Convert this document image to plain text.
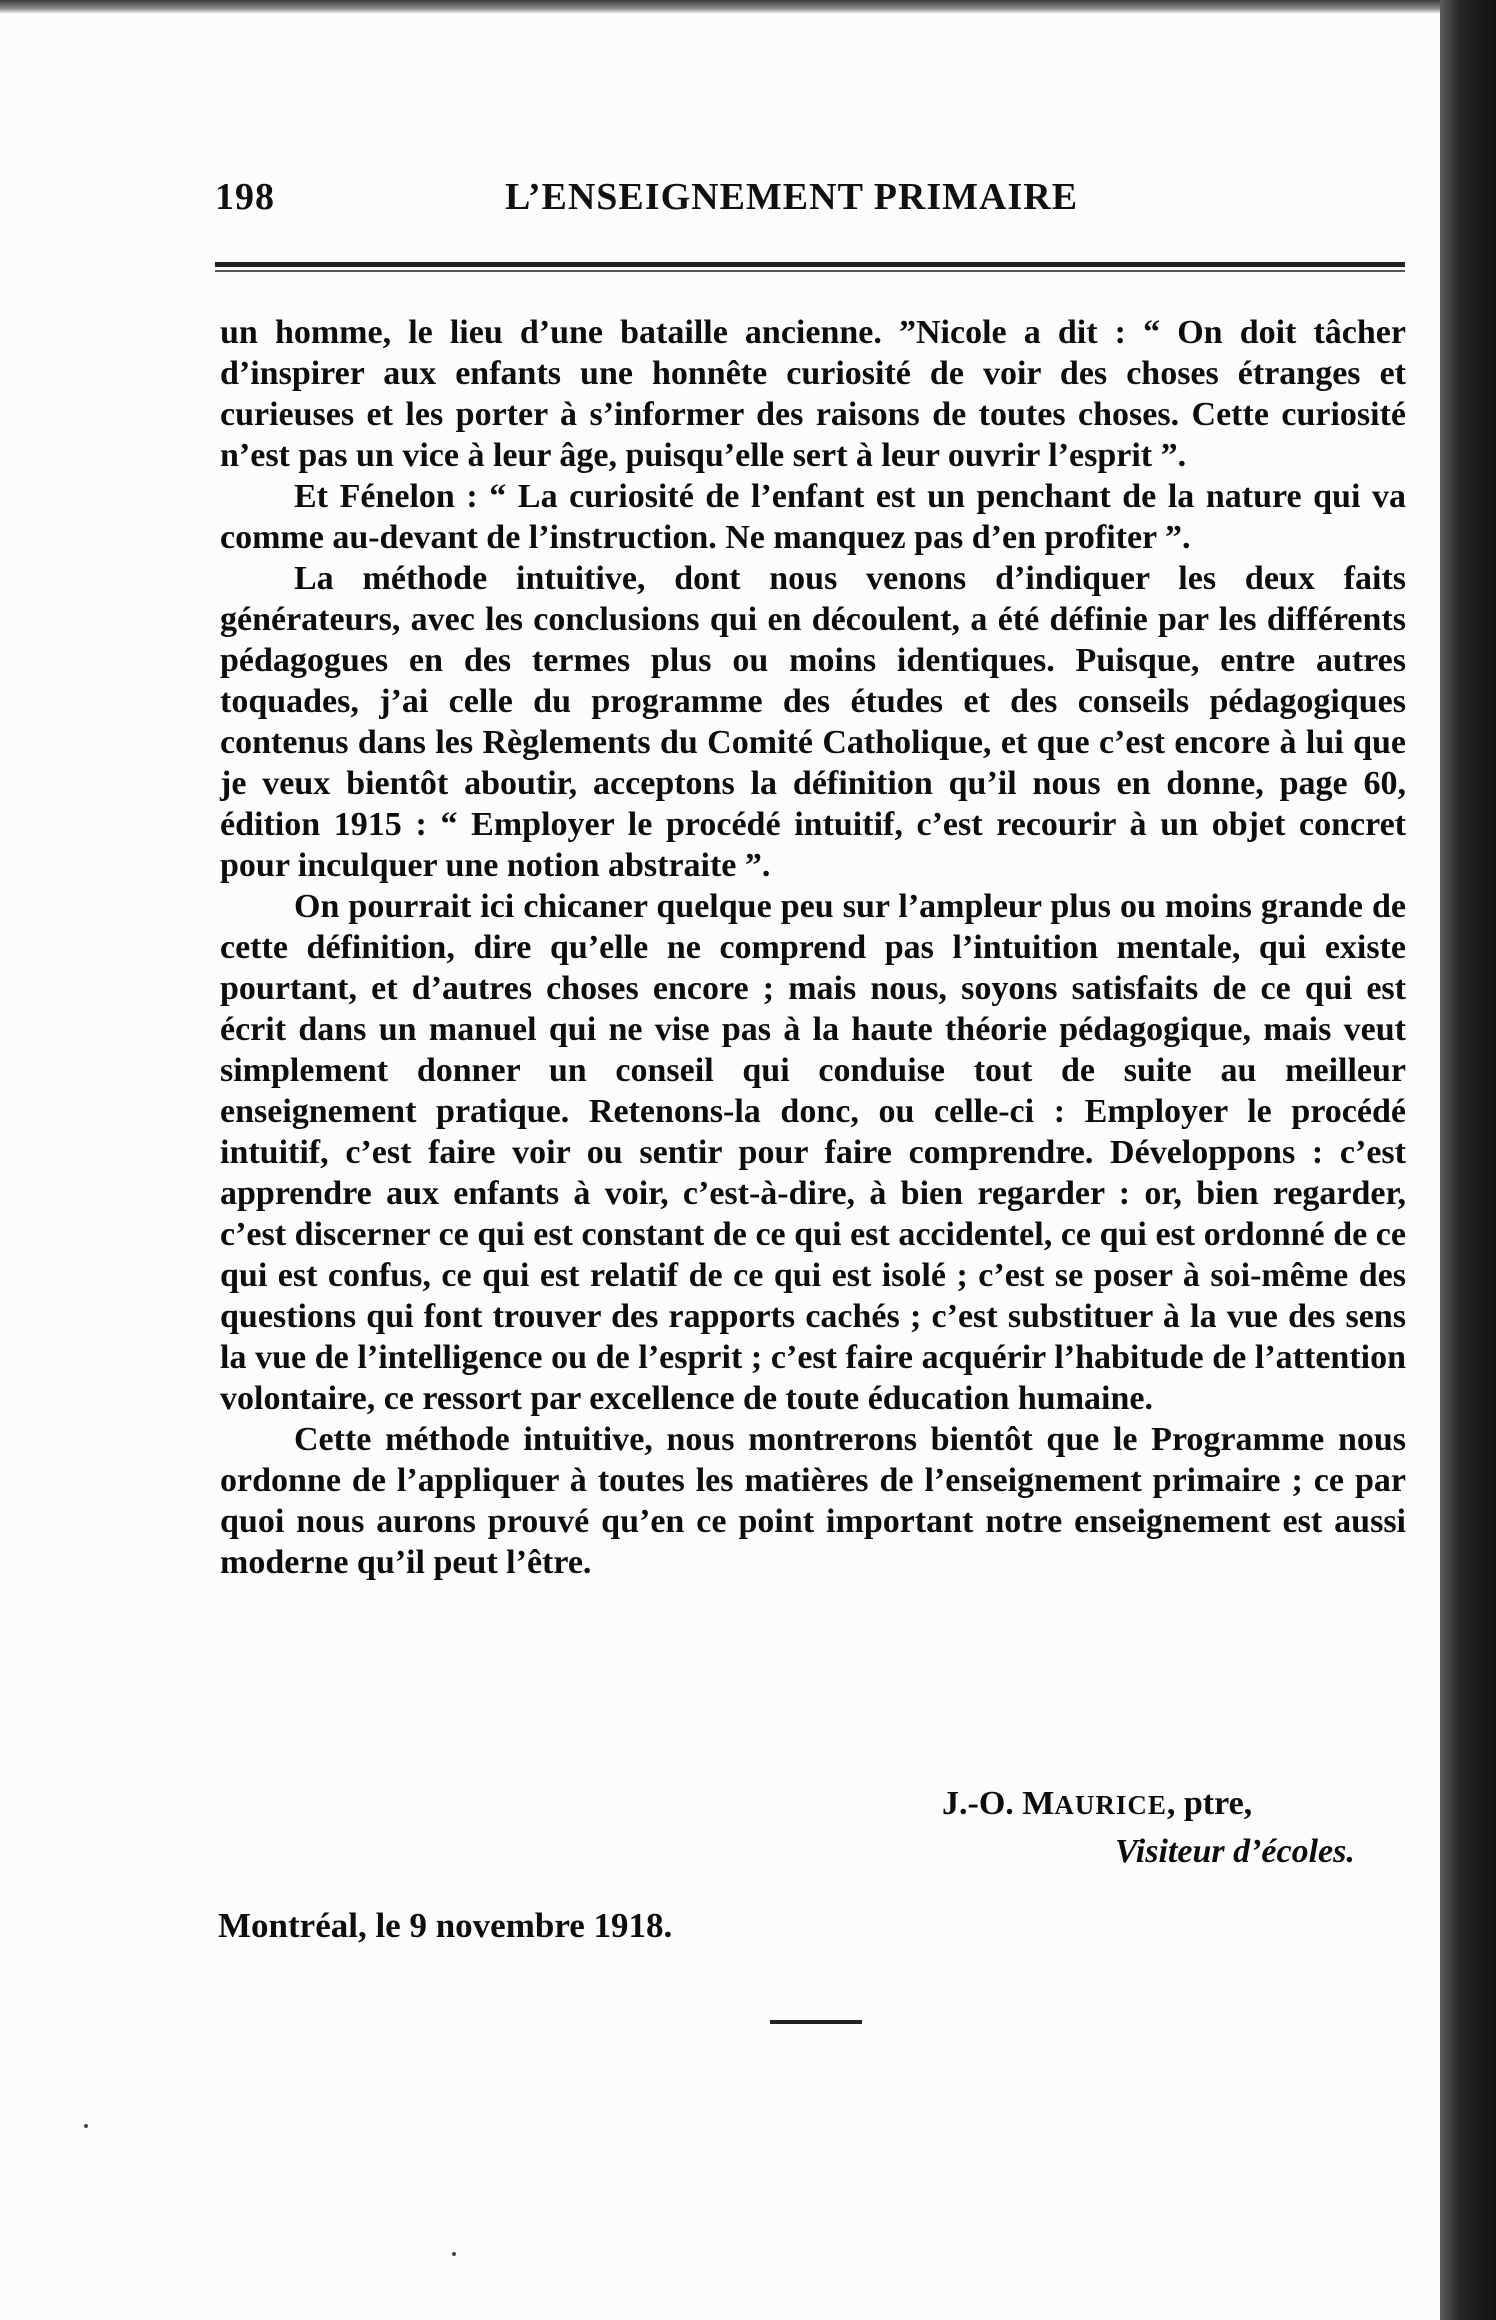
198	L’ENSEIGNEMENT PRIMAIRE

un homme, le lieu d’une bataille ancienne. ”Nicole a dit : “ On doit tâcher d’inspirer aux enfants une honnête curiosité de voir des choses étranges et curieuses et les porter à s’informer des raisons de toutes choses. Cette curiosité n’est pas un vice à leur âge, puisqu’elle sert à leur ouvrir l’esprit ”.

Et Fénelon : “ La curiosité de l’enfant est un penchant de la nature qui va comme au-devant de l’instruction. Ne manquez pas d’en profiter ”.

La méthode intuitive, dont nous venons d’indiquer les deux faits générateurs, avec les conclusions qui en découlent, a été définie par les différents pédagogues en des termes plus ou moins identiques. Puisque, entre autres toquades, j’ai celle du programme des études et des conseils pédagogiques contenus dans les Règlements du Comité Catholique, et que c’est encore à lui que je veux bientôt aboutir, acceptons la définition qu’il nous en donne, page 60, édition 1915 : “ Employer le procédé intuitif, c’est recourir à un objet concret pour inculquer une notion abstraite ”.

On pourrait ici chicaner quelque peu sur l’ampleur plus ou moins grande de cette définition, dire qu’elle ne comprend pas l’intuition mentale, qui existe pourtant, et d’autres choses encore ; mais nous, soyons satisfaits de ce qui est écrit dans un manuel qui ne vise pas à la haute théorie pédagogique, mais veut simplement donner un conseil qui conduise tout de suite au meilleur enseignement pratique. Retenons-la donc, ou celle-ci : Employer le procédé intuitif, c’est faire voir ou sentir pour faire comprendre. Développons : c’est apprendre aux enfants à voir, c’est-à-dire, à bien regarder : or, bien regarder, c’est discerner ce qui est constant de ce qui est accidentel, ce qui est ordonné de ce qui est confus, ce qui est relatif de ce qui est isolé ; c’est se poser à soi-même des questions qui font trouver des rapports cachés ; c’est substituer à la vue des sens la vue de l’intelligence ou de l’esprit ; c’est faire acquérir l’habitude de l’attention volontaire, ce ressort par excellence de toute éducation humaine.

Cette méthode intuitive, nous montrerons bientôt que le Programme nous ordonne de l’appliquer à toutes les matières de l’enseignement primaire ; ce par quoi nous aurons prouvé qu’en ce point important notre enseignement est aussi moderne qu’il peut l’être.

J.-O. MAURICE, ptre,
Visiteur d’écoles.
Montréal, le 9 novembre 1918.
